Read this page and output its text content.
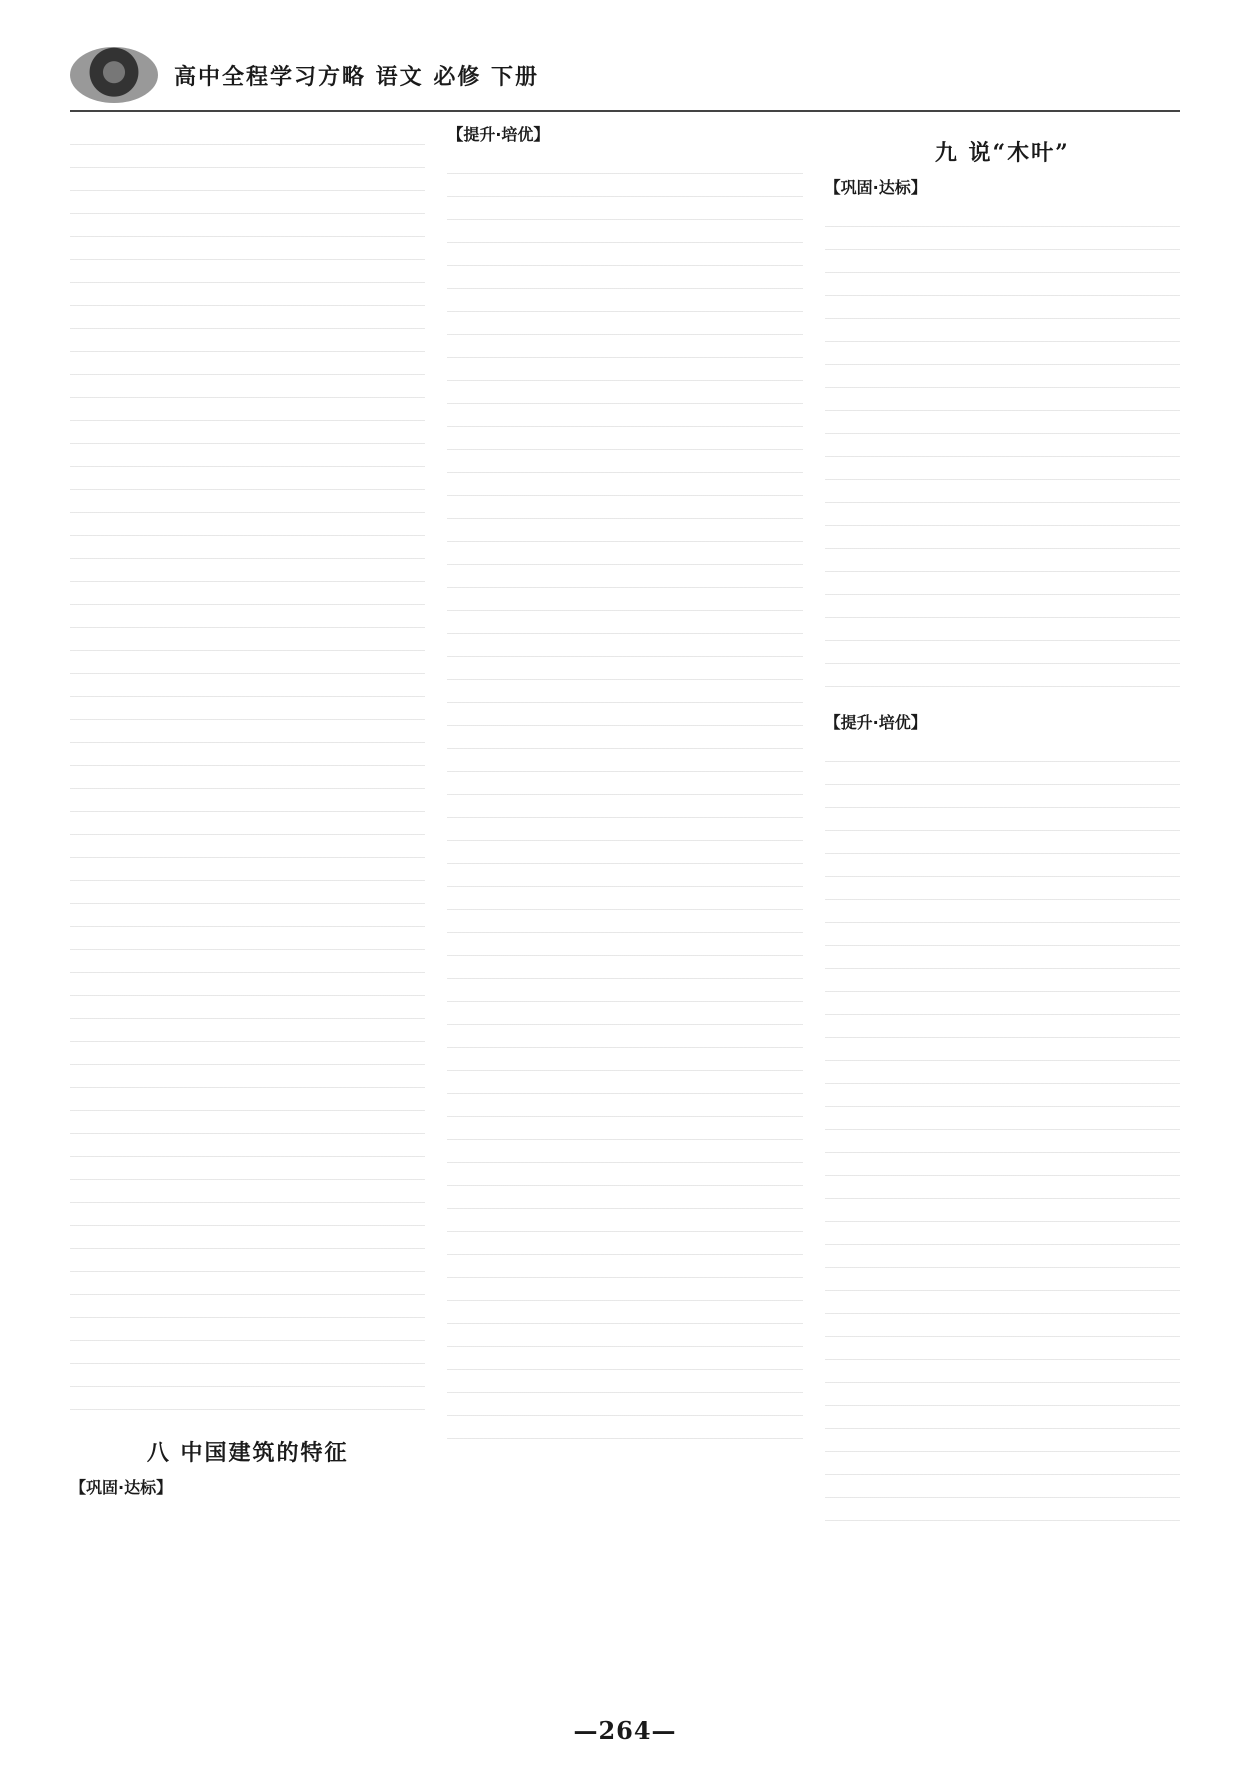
高中全程学习方略 语文 必修 下册
八 中国建筑的特征
【巩固·达标】
【提升·培优】
九 说“木叶”
【巩固·达标】
【提升·培优】
—264—
